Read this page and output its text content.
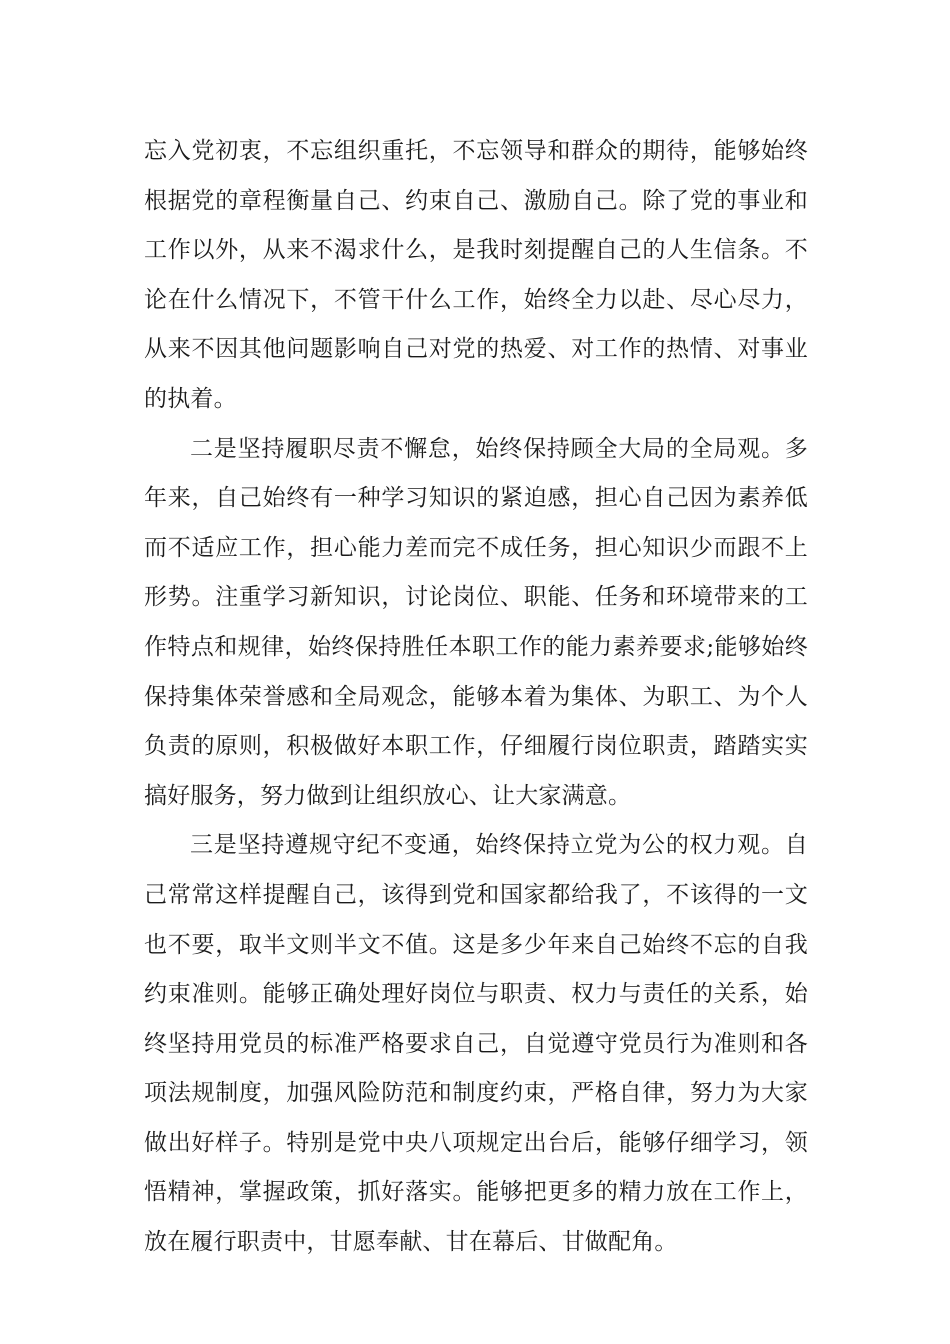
忘入党初衷，不忘组织重托，不忘领导和群众的期待，能够始终根据党的章程衡量自己、约束自己、激励自己。除了党的事业和工作以外，从来不渴求什么，是我时刻提醒自己的人生信条。不论在什么情况下，不管干什么工作，始终全力以赴、尽心尽力，从来不因其他问题影响自己对党的热爱、对工作的热情、对事业的执着。

二是坚持履职尽责不懈怠，始终保持顾全大局的全局观。多年来，自己始终有一种学习知识的紧迫感，担心自己因为素养低而不适应工作，担心能力差而完不成任务，担心知识少而跟不上形势。注重学习新知识，讨论岗位、职能、任务和环境带来的工作特点和规律，始终保持胜任本职工作的能力素养要求;能够始终保持集体荣誉感和全局观念，能够本着为集体、为职工、为个人负责的原则，积极做好本职工作，仔细履行岗位职责，踏踏实实搞好服务，努力做到让组织放心、让大家满意。

三是坚持遵规守纪不变通，始终保持立党为公的权力观。自己常常这样提醒自己，该得到党和国家都给我了，不该得的一文也不要，取半文则半文不值。这是多少年来自己始终不忘的自我约束准则。能够正确处理好岗位与职责、权力与责任的关系，始终坚持用党员的标准严格要求自己，自觉遵守党员行为准则和各项法规制度，加强风险防范和制度约束，严格自律，努力为大家做出好样子。特别是党中央八项规定出台后，能够仔细学习，领悟精神，掌握政策，抓好落实。能够把更多的精力放在工作上，放在履行职责中，甘愿奉献、甘在幕后、甘做配角。
